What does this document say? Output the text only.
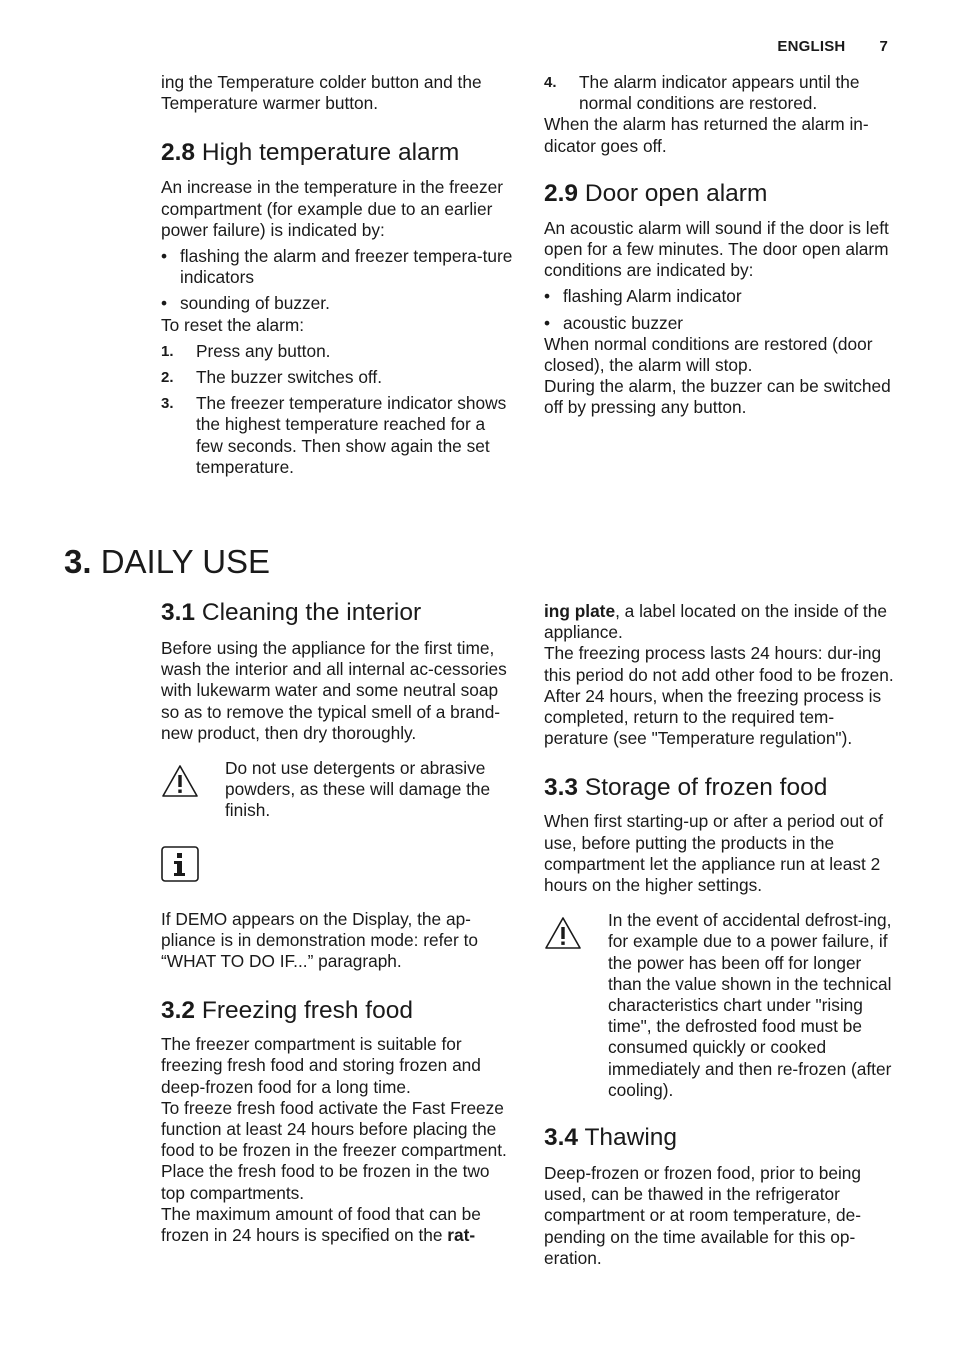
ENGLISH 7

ing the Temperature colder button and the Temperature warmer button.

2.8 High temperature alarm

An increase in the temperature in the freezer compartment (for example due to an earlier power failure) is indicated by:

• flashing the alarm and freezer tempera-ture indicators
• sounding of buzzer.

To reset the alarm:

1.	Press any button.
2.	The buzzer switches off.
3.	The freezer temperature indicator shows the highest temperature reached for a few seconds. Then show again the set temperature.
4.	The alarm indicator appears until the normal conditions are restored.

When the alarm has returned the alarm in-dicator goes off.

2.9 Door open alarm

An acoustic alarm will sound if the door is left open for a few minutes. The door open alarm conditions are indicated by:

• flashing Alarm indicator
• acoustic buzzer

When normal conditions are restored (door closed), the alarm will stop.

During the alarm, the buzzer can be switched off by pressing any button.

3. DAILY USE
3.1 Cleaning the interior

Before using the appliance for the first time, wash the interior and all internal ac-cessories with lukewarm water and some neutral soap so as to remove the typical smell of a brand-new product, then dry thoroughly.

Do not use detergents or abrasive powders, as these will damage the finish.

If DEMO appears on the Display, the ap-pliance is in demonstration mode: refer to “WHAT TO DO IF...” paragraph.

3.2 Freezing fresh food

The freezer compartment is suitable for freezing fresh food and storing frozen and deep-frozen food for a long time.

To freeze fresh food activate the Fast Freeze function at least 24 hours before placing the food to be frozen in the freezer compartment.

Place the fresh food to be frozen in the two top compartments.

The maximum amount of food that can be frozen in 24 hours is specified on the rat-

ing plate, a label located on the inside of the appliance.

The freezing process lasts 24 hours: dur-ing this period do not add other food to be frozen.

After 24 hours, when the freezing process is completed, return to the required tem-perature (see "Temperature regulation").

3.3 Storage of frozen food

When first starting-up or after a period out of use, before putting the products in the compartment let the appliance run at least 2 hours on the higher settings.

In the event of accidental defrost-ing, for example due to a power failure, if the power has been off for longer than the value shown in the technical characteristics chart under "rising time", the defrosted food must be consumed quickly or cooked immediately and then re-frozen (after cooling).

3.4 Thawing

Deep-frozen or frozen food, prior to being used, can be thawed in the refrigerator compartment or at room temperature, de-pending on the time available for this op-eration.
